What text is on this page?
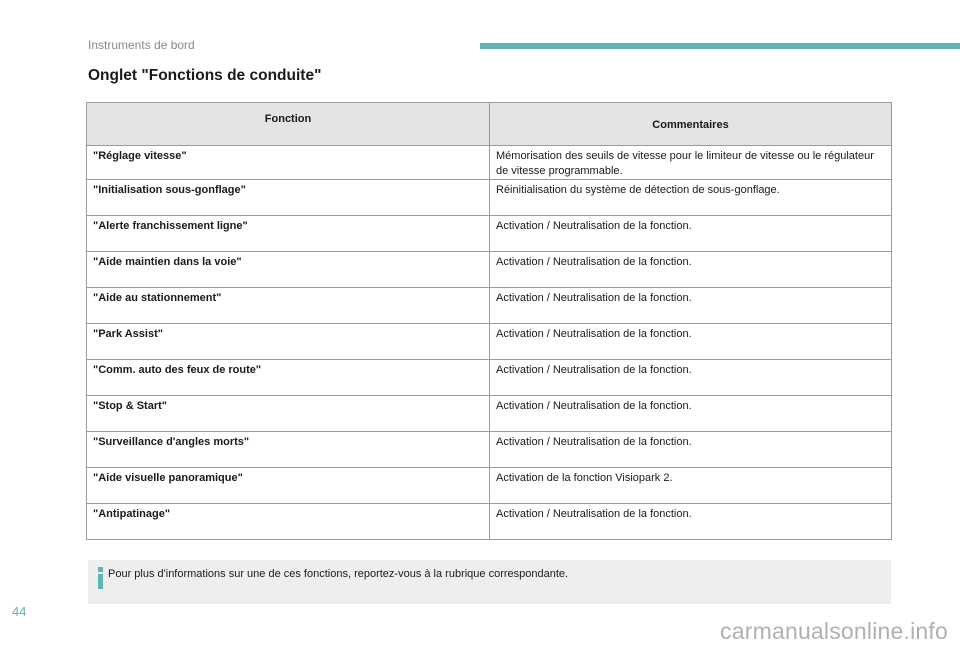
Instruments de bord
Onglet "Fonctions de conduite"
Fonction	Commentaires
"Réglage vitesse"	Mémorisation des seuils de vitesse pour le limiteur de vitesse ou le régulateur de vitesse programmable.
"Initialisation sous-gonflage"	Réinitialisation du système de détection de sous-gonflage.
"Alerte franchissement ligne"	Activation / Neutralisation de la fonction.
"Aide maintien dans la voie"	Activation / Neutralisation de la fonction.
"Aide au stationnement"	Activation / Neutralisation de la fonction.
"Park Assist"	Activation / Neutralisation de la fonction.
"Comm. auto des feux de route"	Activation / Neutralisation de la fonction.
"Stop & Start"	Activation / Neutralisation de la fonction.
"Surveillance d'angles morts"	Activation / Neutralisation de la fonction.
"Aide visuelle panoramique"	Activation de la fonction Visiopark 2.
"Antipatinage"	Activation / Neutralisation de la fonction.
Pour plus d'informations sur une de ces fonctions, reportez-vous à la rubrique correspondante.
44
carmanualsonline.info
